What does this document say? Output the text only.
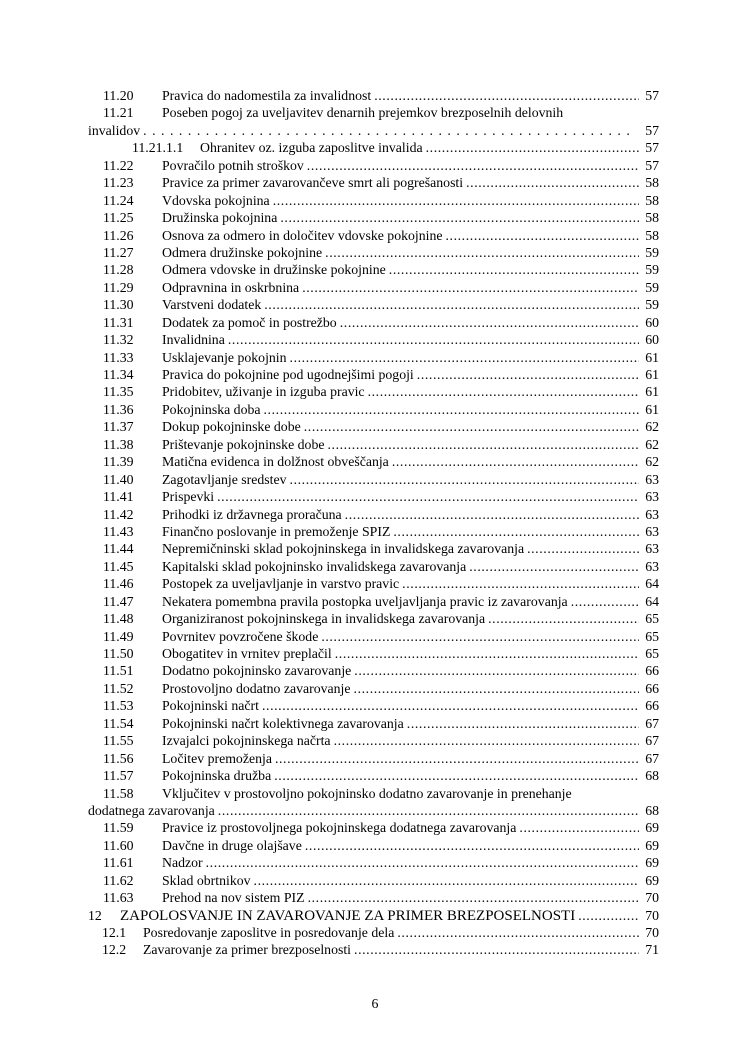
11.20	Pravica do nadomestila za invalidnost .....	57
11.21	Poseben pogoj za uveljavitev denarnih prejemkov brezposelnih delovnih
invalidov .....	57
11.21.1.1	Ohranitev oz. izguba zaposlitve invalida .....	57
11.22	Povračilo potnih stroškov .....	57
11.23	Pravice za primer zavarovančeve smrt ali pogrešanosti .....	58
11.24	Vdovska pokojnina .....	58
11.25	Družinska pokojnina .....	58
11.26	Osnova za odmero in določitev vdovske pokojnine .....	58
11.27	Odmera družinske pokojnine .....	59
11.28	Odmera vdovske in družinske pokojnine .....	59
11.29	Odpravnina in oskrbnina .....	59
11.30	Varstveni dodatek .....	59
11.31	Dodatek za pomoč in postrežbo .....	60
11.32	Invalidnina .....	60
11.33	Usklajevanje pokojnin .....	61
11.34	Pravica do pokojnine pod ugodnejšimi pogoji .....	61
11.35	Pridobitev, uživanje in izguba pravic .....	61
11.36	Pokojninska doba .....	61
11.37	Dokup pokojninske dobe .....	62
11.38	Prištevanje pokojninske dobe .....	62
11.39	Matična evidenca in dolžnost obveščanja .....	62
11.40	Zagotavljanje sredstev .....	63
11.41	Prispevki .....	63
11.42	Prihodki iz državnega proračuna .....	63
11.43	Finančno poslovanje in premoženje SPIZ .....	63
11.44	Nepremičninski sklad pokojninskega in invalidskega zavarovanja .....	63
11.45	Kapitalski sklad pokojninsko invalidskega zavarovanja .....	63
11.46	Postopek za uveljavljanje in varstvo pravic .....	64
11.47	Nekatera pomembna pravila postopka uveljavljanja pravic iz zavarovanja .....	64
11.48	Organiziranost pokojninskega in invalidskega zavarovanja .....	65
11.49	Povrnitev povzročene škode .....	65
11.50	Obogatitev in vrnitev preplačil .....	65
11.51	Dodatno pokojninsko zavarovanje .....	66
11.52	Prostovoljno dodatno zavarovanje .....	66
11.53	Pokojninski načrt .....	66
11.54	Pokojninski načrt kolektivnega zavarovanja .....	67
11.55	Izvajalci pokojninskega načrta .....	67
11.56	Ločitev premoženja .....	67
11.57	Pokojninska družba .....	68
11.58	Vključitev v prostovoljno pokojninsko dodatno zavarovanje in prenehanje
dodatnega zavarovanja .....	68
11.59	Pravice iz prostovoljnega pokojninskega dodatnega zavarovanja .....	69
11.60	Davčne in druge olajšave .....	69
11.61	Nadzor .....	69
11.62	Sklad obrtnikov .....	69
11.63	Prehod na nov sistem PIZ .....	70
12	ZAPOLOSVANJE IN ZAVAROVANJE ZA PRIMER BREZPOSELNOSTI .....	70
12.1	Posredovanje zaposlitve in posredovanje dela .....	70
12.2	Zavarovanje za primer brezposelnosti .....	71
6
